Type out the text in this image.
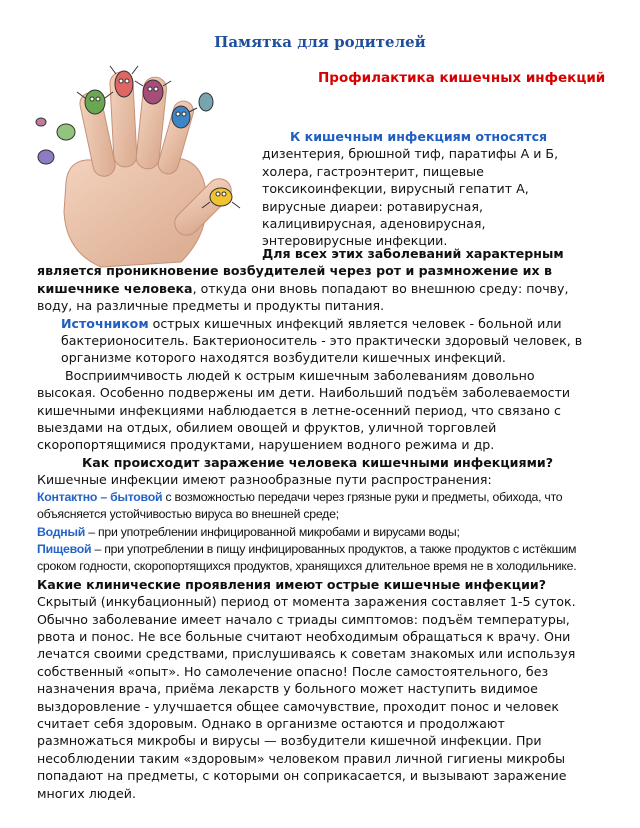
Памятка для родителей
Профилактика кишечных инфекций

К кишечным инфекциям относятся

дизентерия, брюшной тиф, паратифы А и Б, холера, гастроэнтерит, пищевые токсикоинфекции, вирусный гепатит А, вирусные диареи: ротавирусная, калицивирусная, аденовирусная, энтеровирусные инфекции.

Для всех этих заболеваний характерным является проникновение возбудителей через рот и размножение их в кишечнике человека, откуда они вновь попадают во внешнюю среду: почву, воду, на различные предметы и продукты питания.

Источником острых кишечных инфекций является человек - больной или бактерионоситель. Бактерионоситель - это практически здоровый человек, в организме которого находятся возбудители кишечных инфекций.

Восприимчивость людей к острым кишечным заболеваниям довольно высокая. Особенно подвержены им дети. Наибольший подъём заболеваемости кишечными инфекциями наблюдается в летне-осенний период, что связано с выездами на отдых, обилием овощей и фруктов, уличной торговлей скоропортящимися продуктами, нарушением водного режима и др.

Как происходит заражение человека кишечными инфекциями? Кишечные инфекции имеют разнообразные пути распространения:

Контактно – бытовой с возможностью передачи через грязные руки и предметы, обихода, что объясняется устойчивостью вируса во внешней среде;

Водный – при употреблении инфицированной микробами и вирусами воды;

Пищевой – при употреблении в пищу инфицированных продуктов, а также продуктов с истёкшим сроком годности, скоропортящихся продуктов, хранящихся длительное время не в холодильнике.

Какие клинические проявления имеют острые кишечные инфекции? Скрытый (инкубационный) период от момента заражения составляет 1-5 суток. Обычно заболевание имеет начало с триады симптомов: подъём температуры, рвота и понос. Не все больные считают необходимым обращаться к врачу. Они лечатся своими средствами, прислушиваясь к советам знакомых или используя собственный «опыт». Но самолечение опасно! После самостоятельного, без назначения врача, приёма лекарств у больного может наступить видимое выздоровление - улучшается общее самочувствие, проходит понос и человек считает себя здоровым. Однако в организме остаются и продолжают размножаться микробы и вирусы — возбудители кишечной инфекции. При несоблюдении таким «здоровым» человеком правил личной гигиены микробы попадают на предметы, с которыми он соприкасается, и вызывают заражение многих людей.
